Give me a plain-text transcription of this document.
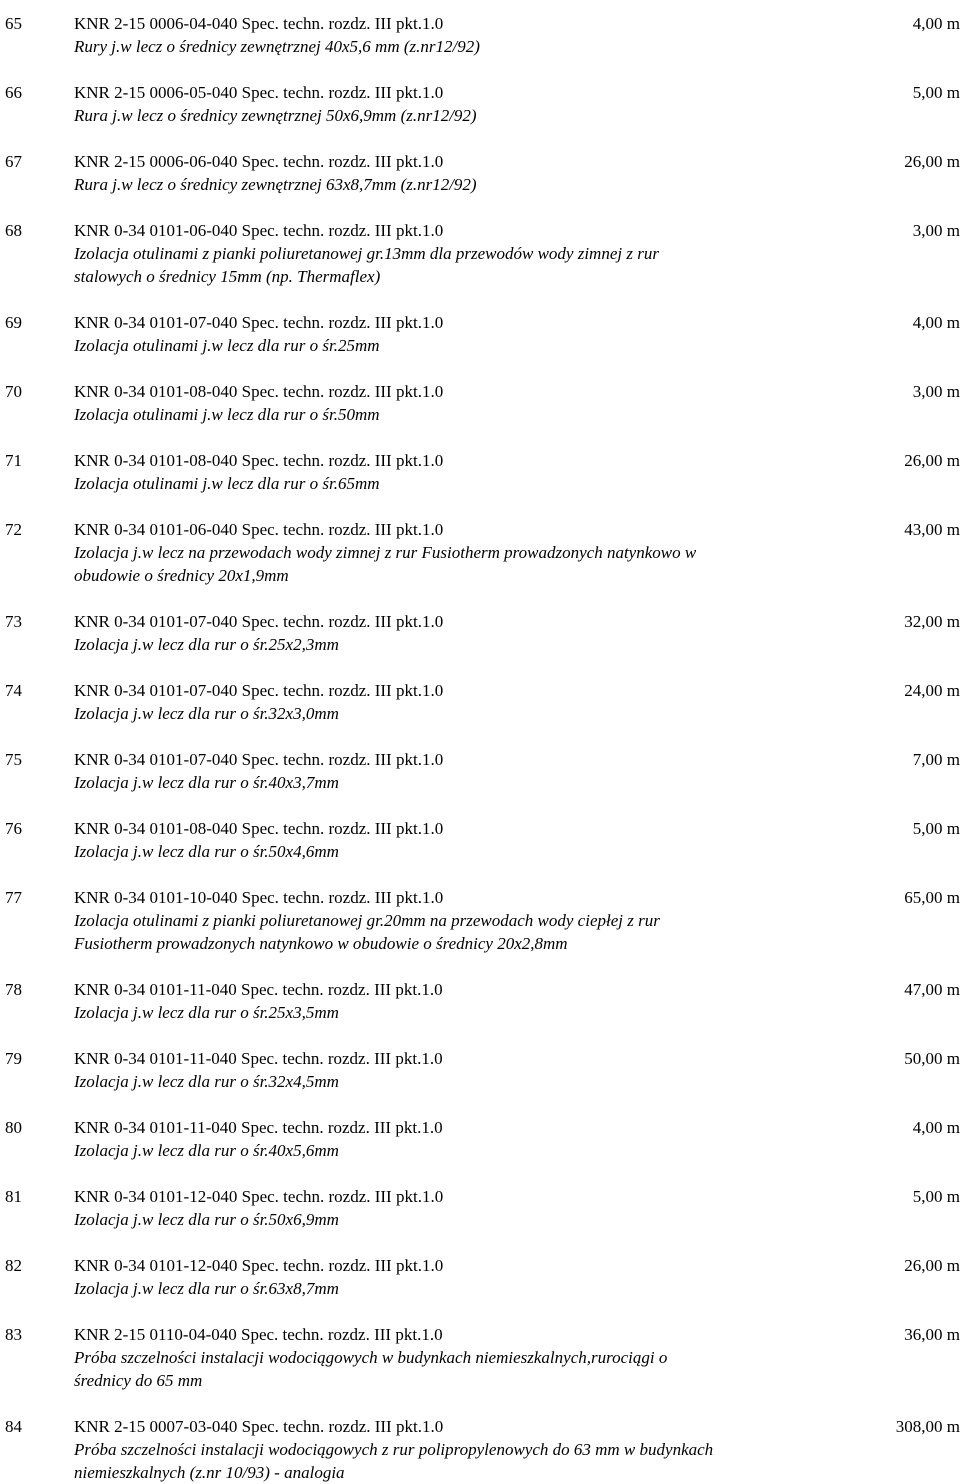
65	KNR 2-15 0006-04-040 Spec. techn. rozdz. III pkt.1.0	4,00 m
Rury j.w lecz o średnicy zewnętrznej 40x5,6 mm (z.nr12/92)
66	KNR 2-15 0006-05-040 Spec. techn. rozdz. III pkt.1.0	5,00 m
Rura j.w lecz o średnicy zewnętrznej 50x6,9mm (z.nr12/92)
67	KNR 2-15 0006-06-040 Spec. techn. rozdz. III pkt.1.0	26,00 m
Rura j.w lecz o średnicy zewnętrznej 63x8,7mm (z.nr12/92)
68	KNR 0-34 0101-06-040 Spec. techn. rozdz. III pkt.1.0	3,00 m
Izolacja otulinami z pianki poliuretanowej gr.13mm dla przewodów wody zimnej z rur
stalowych o średnicy 15mm (np. Thermaflex)
69	KNR 0-34 0101-07-040 Spec. techn. rozdz. III pkt.1.0	4,00 m
Izolacja otulinami j.w lecz dla rur o śr.25mm
70	KNR 0-34 0101-08-040 Spec. techn. rozdz. III pkt.1.0	3,00 m
Izolacja otulinami j.w lecz dla rur o śr.50mm
71	KNR 0-34 0101-08-040 Spec. techn. rozdz. III pkt.1.0	26,00 m
Izolacja otulinami j.w lecz dla rur o śr.65mm
72	KNR 0-34 0101-06-040 Spec. techn. rozdz. III pkt.1.0	43,00 m
Izolacja j.w lecz na przewodach wody zimnej z rur Fusiotherm prowadzonych natynkowo w
obudowie o średnicy 20x1,9mm
73	KNR 0-34 0101-07-040 Spec. techn. rozdz. III pkt.1.0	32,00 m
Izolacja j.w lecz dla rur o śr.25x2,3mm
74	KNR 0-34 0101-07-040 Spec. techn. rozdz. III pkt.1.0	24,00 m
Izolacja j.w lecz dla rur o śr.32x3,0mm
75	KNR 0-34 0101-07-040 Spec. techn. rozdz. III pkt.1.0	7,00 m
Izolacja j.w lecz dla rur o śr.40x3,7mm
76	KNR 0-34 0101-08-040 Spec. techn. rozdz. III pkt.1.0	5,00 m
Izolacja j.w lecz dla rur o śr.50x4,6mm
77	KNR 0-34 0101-10-040 Spec. techn. rozdz. III pkt.1.0	65,00 m
Izolacja otulinami z pianki poliuretanowej gr.20mm na przewodach wody ciepłej z rur
Fusiotherm prowadzonych natynkowo w obudowie o średnicy 20x2,8mm
78	KNR 0-34 0101-11-040 Spec. techn. rozdz. III pkt.1.0	47,00 m
Izolacja j.w lecz dla rur o śr.25x3,5mm
79	KNR 0-34 0101-11-040 Spec. techn. rozdz. III pkt.1.0	50,00 m
Izolacja j.w lecz dla rur o śr.32x4,5mm
80	KNR 0-34 0101-11-040 Spec. techn. rozdz. III pkt.1.0	4,00 m
Izolacja j.w lecz dla rur o śr.40x5,6mm
81	KNR 0-34 0101-12-040 Spec. techn. rozdz. III pkt.1.0	5,00 m
Izolacja j.w lecz dla rur o śr.50x6,9mm
82	KNR 0-34 0101-12-040 Spec. techn. rozdz. III pkt.1.0	26,00 m
Izolacja j.w lecz dla rur o śr.63x8,7mm
83	KNR 2-15 0110-04-040 Spec. techn. rozdz. III pkt.1.0	36,00 m
Próba szczelności instalacji wodociągowych w budynkach niemieszkalnych,rurociągi o
średnicy do 65 mm
84	KNR 2-15 0007-03-040 Spec. techn. rozdz. III pkt.1.0	308,00 m
Próba szczelności instalacji wodociągowych z rur polipropylenowych do 63 mm w budynkach
niemieszkalnych (z.nr 10/93) - analogia
